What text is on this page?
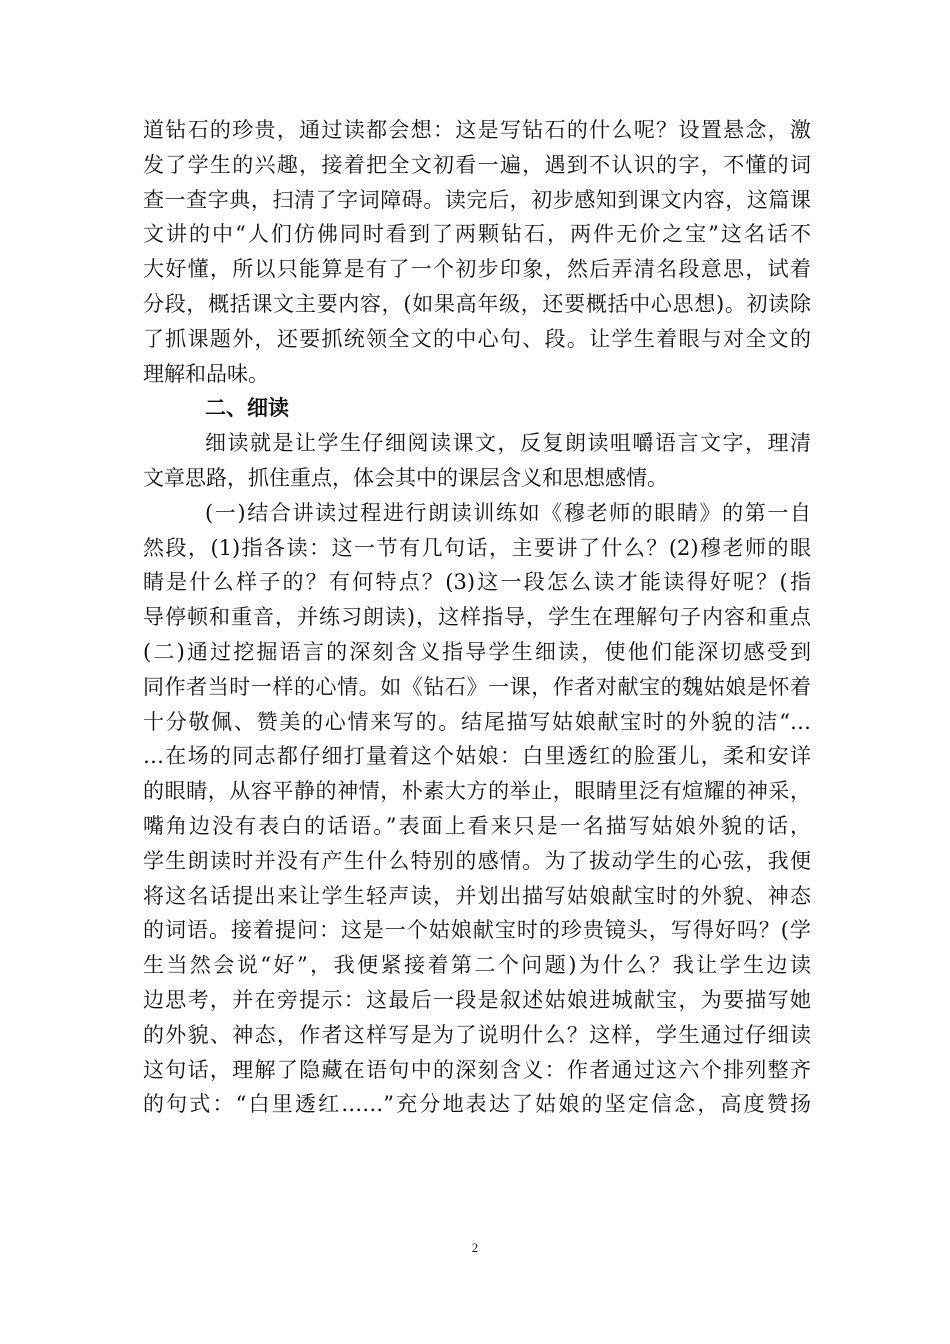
道钻石的珍贵，通过读都会想：这是写钻石的什么呢？设置悬念，激
发了学生的兴趣，接着把全文初看一遍，遇到不认识的字，不懂的词
查一查字典，扫清了字词障碍。读完后，初步感知到课文内容，这篇课
文讲的中“人们仿佛同时看到了两颗钻石，两件无价之宝”这名话不
大好懂，所以只能算是有了一个初步印象，然后弄清名段意思，试着
分段，概括课文主要内容，(如果高年级，还要概括中心思想)。初读除
了抓课题外，还要抓统领全文的中心句、段。让学生着眼与对全文的
理解和品味。
二、细读
细读就是让学生仔细阅读课文，反复朗读咀嚼语言文字，理清
文章思路，抓住重点，体会其中的课层含义和思想感情。
(一)结合讲读过程进行朗读训练如《穆老师的眼睛》的第一自
然段，(1)指各读：这一节有几句话，主要讲了什么？(2)穆老师的眼
睛是什么样子的？有何特点？(3)这一段怎么读才能读得好呢？(指
导停顿和重音，并练习朗读)，这样指导，学生在理解句子内容和重点
(二)通过挖掘语言的深刻含义指导学生细读，使他们能深切感受到
同作者当时一样的心情。如《钻石》一课，作者对献宝的魏姑娘是怀着
十分敬佩、赞美的心情来写的。结尾描写姑娘献宝时的外貌的洁“…
…在场的同志都仔细打量着这个姑娘：白里透红的脸蛋儿，柔和安详
的眼睛，从容平静的神情，朴素大方的举止，眼睛里泛有煊耀的神采，
嘴角边没有表白的话语。”表面上看来只是一名描写姑娘外貌的话，
学生朗读时并没有产生什么特别的感情。为了拔动学生的心弦，我便
将这名话提出来让学生轻声读，并划出描写姑娘献宝时的外貌、神态
的词语。接着提问：这是一个姑娘献宝时的珍贵镜头，写得好吗？(学
生当然会说“好”，我便紧接着第二个问题)为什么？我让学生边读
边思考，并在旁提示：这最后一段是叙述姑娘进城献宝，为要描写她
的外貌、神态，作者这样写是为了说明什么？这样，学生通过仔细读
这句话，理解了隐藏在语句中的深刻含义：作者通过这六个排列整齐
的句式：“白里透红……”充分地表达了姑娘的坚定信念，高度赞扬
2
